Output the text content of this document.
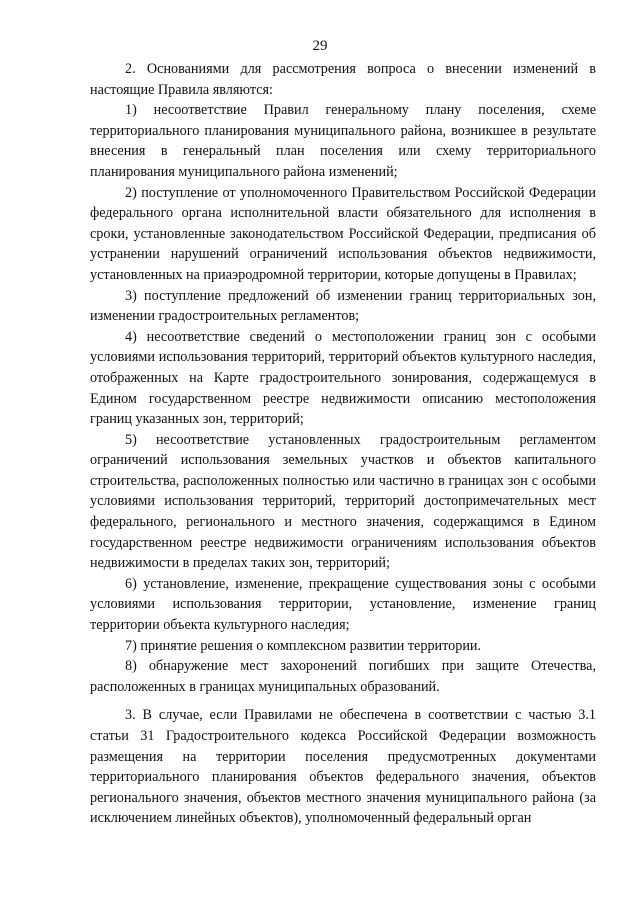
29

2. Основаниями для рассмотрения вопроса о внесении изменений в настоящие Правила являются:

1) несоответствие Правил генеральному плану поселения, схеме территориального планирования муниципального района, возникшее в результате внесения в генеральный план поселения или схему территориального планирования муниципального района изменений;

2) поступление от уполномоченного Правительством Российской Федерации федерального органа исполнительной власти обязательного для исполнения в сроки, установленные законодательством Российской Федерации, предписания об устранении нарушений ограничений использования объектов недвижимости, установленных на приаэродромной территории, которые допущены в Правилах;

3) поступление предложений об изменении границ территориальных зон, изменении градостроительных регламентов;

4) несоответствие сведений о местоположении границ зон с особыми условиями использования территорий, территорий объектов культурного наследия, отображенных на Карте градостроительного зонирования, содержащемуся в Едином государственном реестре недвижимости описанию местоположения границ указанных зон, территорий;

5) несоответствие установленных градостроительным регламентом ограничений использования земельных участков и объектов капитального строительства, расположенных полностью или частично в границах зон с особыми условиями использования территорий, территорий достопримечательных мест федерального, регионального и местного значения, содержащимся в Едином государственном реестре недвижимости ограничениям использования объектов недвижимости в пределах таких зон, территорий;

6) установление, изменение, прекращение существования зоны с особыми условиями использования территории, установление, изменение границ территории объекта культурного наследия;

7) принятие решения о комплексном развитии территории.

8) обнаружение мест захоронений погибших при защите Отечества, расположенных в границах муниципальных образований.

3. В случае, если Правилами не обеспечена в соответствии с частью 3.1 статьи 31 Градостроительного кодекса Российской Федерации возможность размещения на территории поселения предусмотренных документами территориального планирования объектов федерального значения, объектов регионального значения, объектов местного значения муниципального района (за исключением линейных объектов), уполномоченный федеральный орган
